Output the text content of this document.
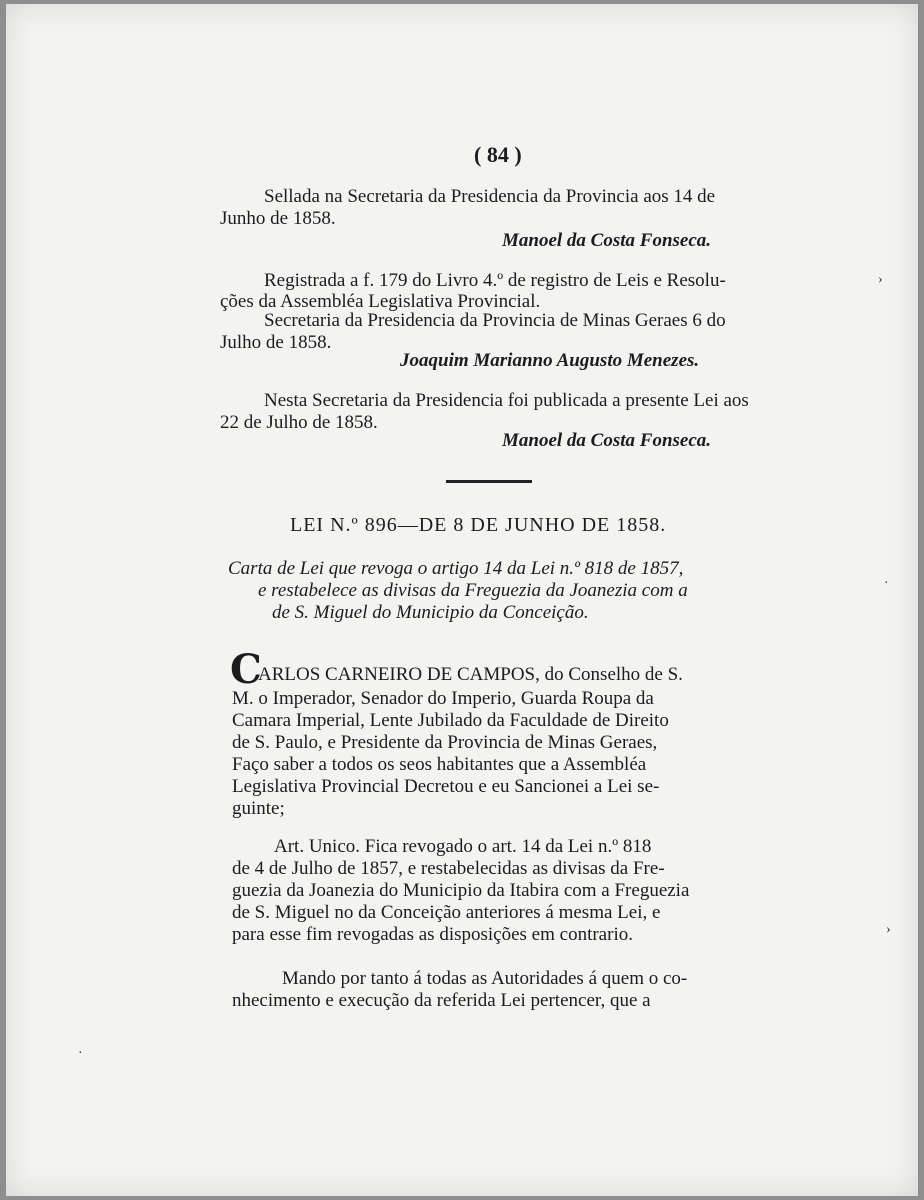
( 84 )
Sellada na Secretaria da Presidencia da Provincia aos 14 de
Junho de 1858.
Manoel da Costa Fonseca.
Registrada a f. 179 do Livro 4.º de registro de Leis e Resolu-
ções da Assembléa Legislativa Provincial.
Secretaria da Presidencia da Provincia de Minas Geraes 6 do
Julho de 1858.
Joaquim Marianno Augusto Menezes.
Nesta Secretaria da Presidencia foi publicada a presente Lei aos
22 de Julho de 1858.
Manoel da Costa Fonseca.
LEI N.º 896—DE 8 DE JUNHO DE 1858.
Carta de Lei que revoga o artigo 14 da Lei n.º 818 de 1857,
e restabelece as divisas da Freguezia da Joanezia com a
de S. Miguel do Municipio da Conceição.
C
ARLOS CARNEIRO DE CAMPOS, do Conselho de S.
M. o Imperador, Senador do Imperio, Guarda Roupa da
Camara Imperial, Lente Jubilado da Faculdade de Direito
de S. Paulo, e Presidente da Provincia de Minas Geraes,
Faço saber a todos os seos habitantes que a Assembléa
Legislativa Provincial Decretou e eu Sancionei a Lei se-
guinte;
Art. Unico. Fica revogado o art. 14 da Lei n.º 818
de 4 de Julho de 1857, e restabelecidas as divisas da Fre-
guezia da Joanezia do Municipio da Itabira com a Freguezia
de S. Miguel no da Conceição anteriores á mesma Lei, e
para esse fim revogadas as disposições em contrario.
Mando por tanto á todas as Autoridades á quem o co-
nhecimento e execução da referida Lei pertencer, que a
›
·
›
·
